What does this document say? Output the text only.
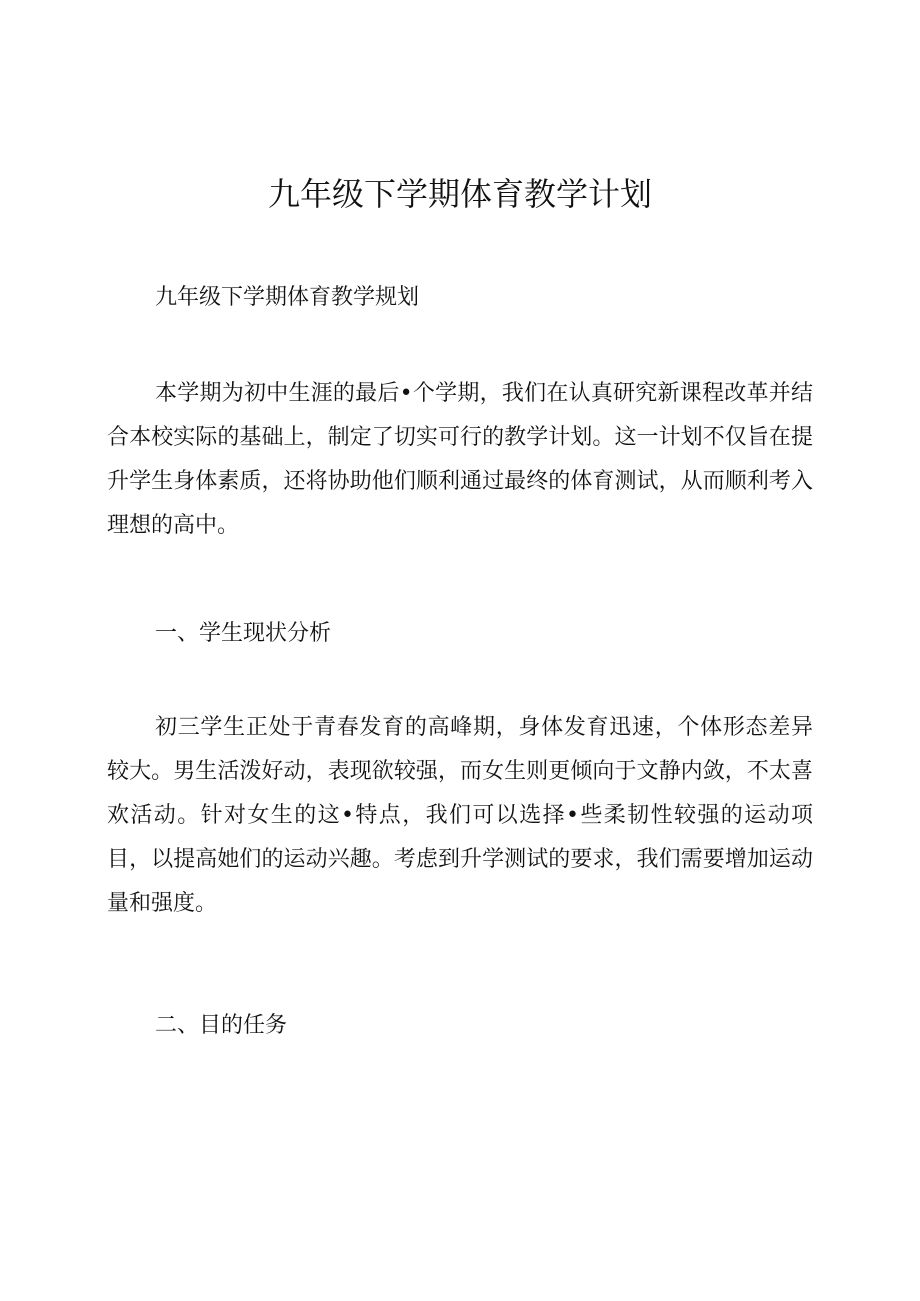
九年级下学期体育教学计划

九年级下学期体育教学规划

本学期为初中生涯的最后•个学期，我们在认真研究新课程改革并结合本校实际的基础上，制定了切实可行的教学计划。这一计划不仅旨在提升学生身体素质，还将协助他们顺利通过最终的体育测试，从而顺利考入理想的高中。

一、学生现状分析

初三学生正处于青春发育的高峰期，身体发育迅速，个体形态差异较大。男生活泼好动，表现欲较强，而女生则更倾向于文静内敛，不太喜欢活动。针对女生的这•特点，我们可以选择•些柔韧性较强的运动项目，以提高她们的运动兴趣。考虑到升学测试的要求，我们需要增加运动量和强度。

二、目的任务
